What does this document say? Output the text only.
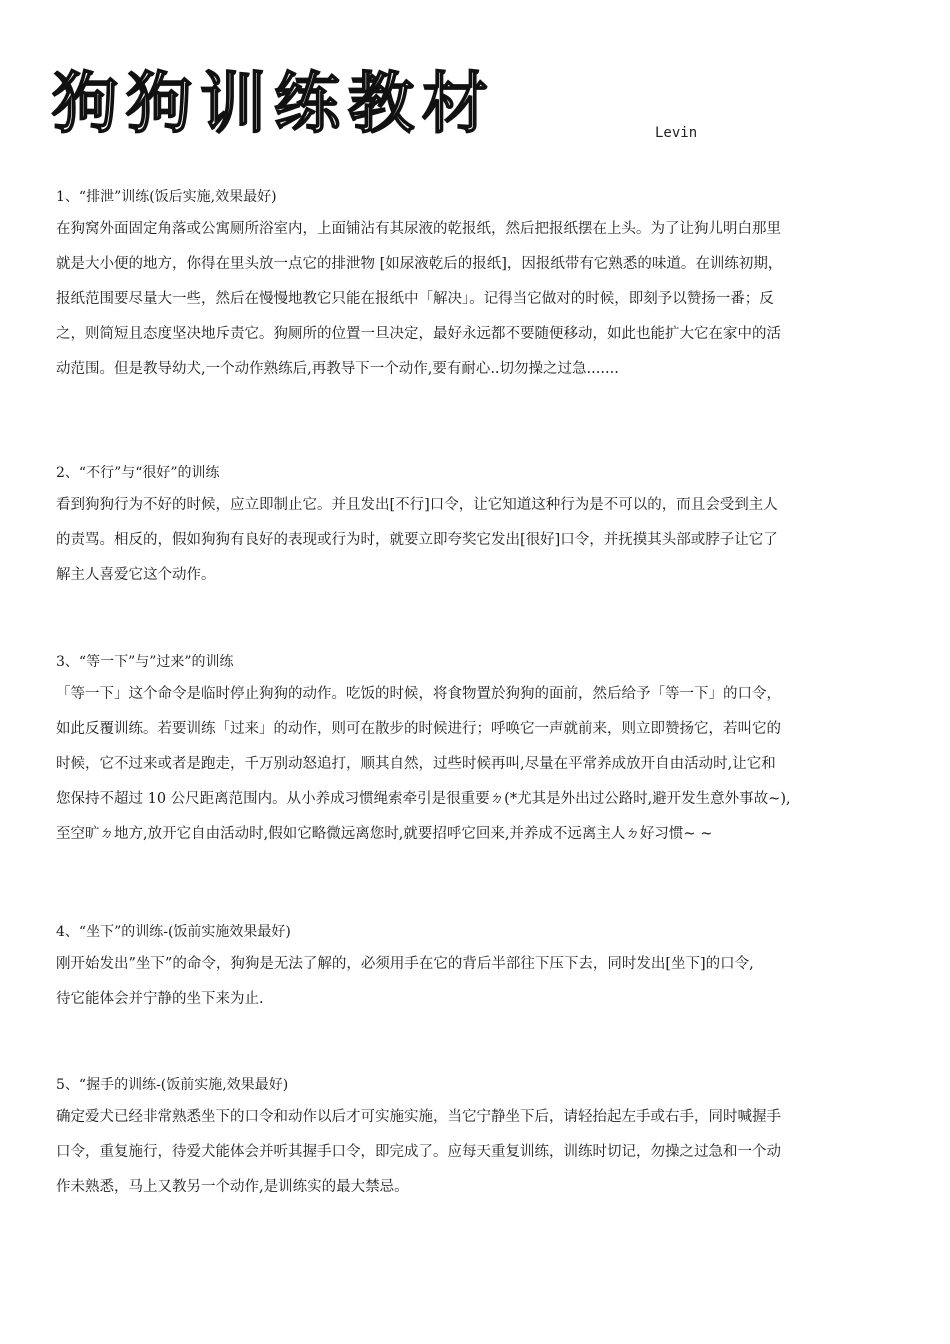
狗狗训练教材	Levin

1、“排泄”训练(饭后实施,效果最好)

在狗窝外面固定角落或公寓厕所浴室内，上面铺沾有其尿液的乾报纸，然后把报纸摆在上头。为了让狗儿明白那里

就是大小便的地方，你得在里头放一点它的排泄物 [如尿液乾后的报纸]，因报纸带有它熟悉的味道。在训练初期，

报纸范围要尽量大一些，然后在慢慢地教它只能在报纸中「解决」。记得当它做对的时候，即刻予以赞扬一番；反

之，则简短且态度坚决地斥责它。狗厕所的位置一旦决定，最好永远都不要随便移动，如此也能扩大它在家中的活

动范围。但是教导幼犬,一个动作熟练后,再教导下一个动作,要有耐心..切勿操之过急.......

2、“不行”与“很好”的训练

看到狗狗行为不好的时候，应立即制止它。并且发出[不行]口令，让它知道这种行为是不可以的，而且会受到主人

的责骂。相反的，假如狗狗有良好的表现或行为时，就要立即夸奖它发出[很好]口令，并抚摸其头部或脖子让它了

解主人喜爱它这个动作。

3、“等一下”与”过来”的训练

「等一下」这个命令是临时停止狗狗的动作。吃饭的时候，将食物置於狗狗的面前，然后给予「等一下」的口令，

如此反覆训练。若要训练「过来」的动作，则可在散步的时候进行；呼唤它一声就前来，则立即赞扬它，若叫它的

时候，它不过来或者是跑走，千万别动怒追打，顺其自然，过些时候再叫,尽量在平常养成放开自由活动时,让它和

您保持不超过 10 公尺距离范围内。从小养成习惯绳索牵引是很重要ㄉ(*尤其是外出过公路时,避开发生意外事故~),

至空旷ㄉ地方,放开它自由活动时,假如它略微远离您时,就要招呼它回来,并养成不远离主人ㄉ好习惯~ ~

4、“坐下”的训练-(饭前实施效果最好)

刚开始发出”坐下”的命令，狗狗是无法了解的，必须用手在它的背后半部往下压下去，同时发出[坐下]的口令,

待它能体会并宁静的坐下来为止.

5、“握手的训练-(饭前实施,效果最好)

确定爱犬已经非常熟悉坐下的口令和动作以后才可实施实施，当它宁静坐下后，请轻抬起左手或右手，同时喊握手

口令，重复施行，待爱犬能体会并听其握手口令，即完成了。应每天重复训练，训练时切记，勿操之过急和一个动

作未熟悉，马上又教另一个动作,是训练实的最大禁忌。
